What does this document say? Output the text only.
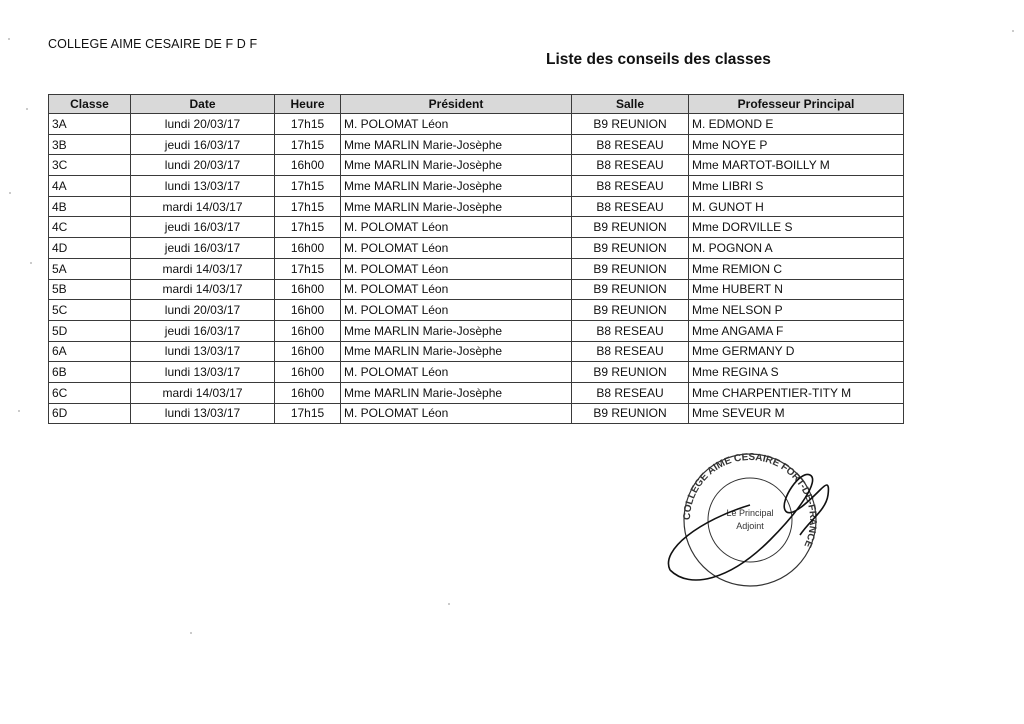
COLLEGE AIME CESAIRE DE F D F
Liste des conseils des classes
Classe	Date	Heure	Président	Salle	Professeur Principal
3A	lundi 20/03/17	17h15	M. POLOMAT Léon	B9 REUNION	M. EDMOND E
3B	jeudi 16/03/17	17h15	Mme MARLIN Marie-Josèphe	B8 RESEAU	Mme NOYE P
3C	lundi 20/03/17	16h00	Mme MARLIN Marie-Josèphe	B8 RESEAU	Mme MARTOT-BOILLY M
4A	lundi 13/03/17	17h15	Mme MARLIN Marie-Josèphe	B8 RESEAU	Mme LIBRI S
4B	mardi 14/03/17	17h15	Mme MARLIN Marie-Josèphe	B8 RESEAU	M. GUNOT H
4C	jeudi 16/03/17	17h15	M. POLOMAT Léon	B9 REUNION	Mme DORVILLE S
4D	jeudi 16/03/17	16h00	M. POLOMAT Léon	B9 REUNION	M. POGNON A
5A	mardi 14/03/17	17h15	M. POLOMAT Léon	B9 REUNION	Mme REMION C
5B	mardi 14/03/17	16h00	M. POLOMAT Léon	B9 REUNION	Mme HUBERT N
5C	lundi 20/03/17	16h00	M. POLOMAT Léon	B9 REUNION	Mme NELSON P
5D	jeudi 16/03/17	16h00	Mme MARLIN Marie-Josèphe	B8 RESEAU	Mme ANGAMA F
6A	lundi 13/03/17	16h00	Mme MARLIN Marie-Josèphe	B8 RESEAU	Mme GERMANY D
6B	lundi 13/03/17	16h00	M. POLOMAT Léon	B9 REUNION	Mme REGINA S
6C	mardi 14/03/17	16h00	Mme MARLIN Marie-Josèphe	B8 RESEAU	Mme CHARPENTIER-TITY M
6D	lundi 13/03/17	17h15	M. POLOMAT Léon	B9 REUNION	Mme SEVEUR M
COLLEGE AIME CESAIRE FORT-DE-FRANCE
Le Principal
Adjoint
